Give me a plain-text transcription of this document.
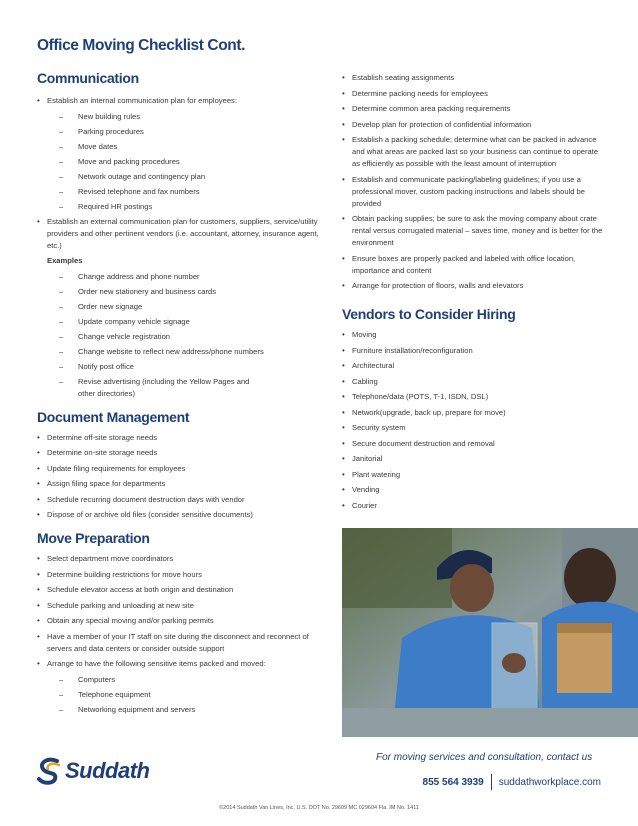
Office Moving Checklist Cont.
Communication
• Establish an internal communication plan for employees:
– New building rules
– Parking procedures
– Move dates
– Move and packing procedures
– Network outage and contingency plan
– Revised telephone and fax numbers
– Required HR postings
• Establish an external communication plan for customers, suppliers, service/utility providers and other pertinent vendors (i.e. accountant, attorney, insurance agent, etc.)
Examples
– Change address and phone number
– Order new stationery and business cards
– Order new signage
– Update company vehicle signage
– Change vehicle registration
– Change website to reflect new address/phone numbers
– Notify post office
– Revise advertising (including the Yellow Pages and other directories)
Document Management
• Determine off-site storage needs
• Determine on-site storage needs
• Update filing requirements for employees
• Assign filing space for departments
• Schedule recurring document destruction days with vendor
• Dispose of or archive old files (consider sensitive documents)
Move Preparation
• Select department move coordinators
• Determine building restrictions for move hours
• Schedule elevator access at both origin and destination
• Schedule parking and unloading at new site
• Obtain any special moving and/or parking permits
• Have a member of your IT staff on site during the disconnect and reconnect of servers and data centers or consider outside support
• Arrange to have the following sensitive items packed and moved:
– Computers
– Telephone equipment
– Networking equipment and servers
• Establish seating assignments
• Determine packing needs for employees
• Determine common area packing requirements
• Develop plan for protection of confidential information
• Establish a packing schedule; determine what can be packed in advance and what areas are packed last so your business can continue to operate as efficiently as possible with the least amount of interruption
• Establish and communicate packing/labeling guidelines; if you use a professional mover, custom packing instructions and labels should be provided
• Obtain packing supplies; be sure to ask the moving company about crate rental versus corrugated material – saves time, money and is better for the environment
• Ensure boxes are properly packed and labeled with office location, importance and content
• Arrange for protection of floors, walls and elevators
Vendors to Consider Hiring
• Moving
• Furniture installation/reconfiguration
• Architectural
• Cabling
• Telephone/data (POTS, T-1, ISDN, DSL)
• Network(upgrade, back up, prepare for move)
• Security system
• Secure document destruction and removal
• Janitorial
• Plant watering
• Vending
• Courier
For moving services and consultation, contact us
855 564 3939 suddathworkplace.com
Suddath
©2014 Suddath Van Lines, Inc. U.S. DOT No. 29609 MC 029604 Fla. IM No. 1411
